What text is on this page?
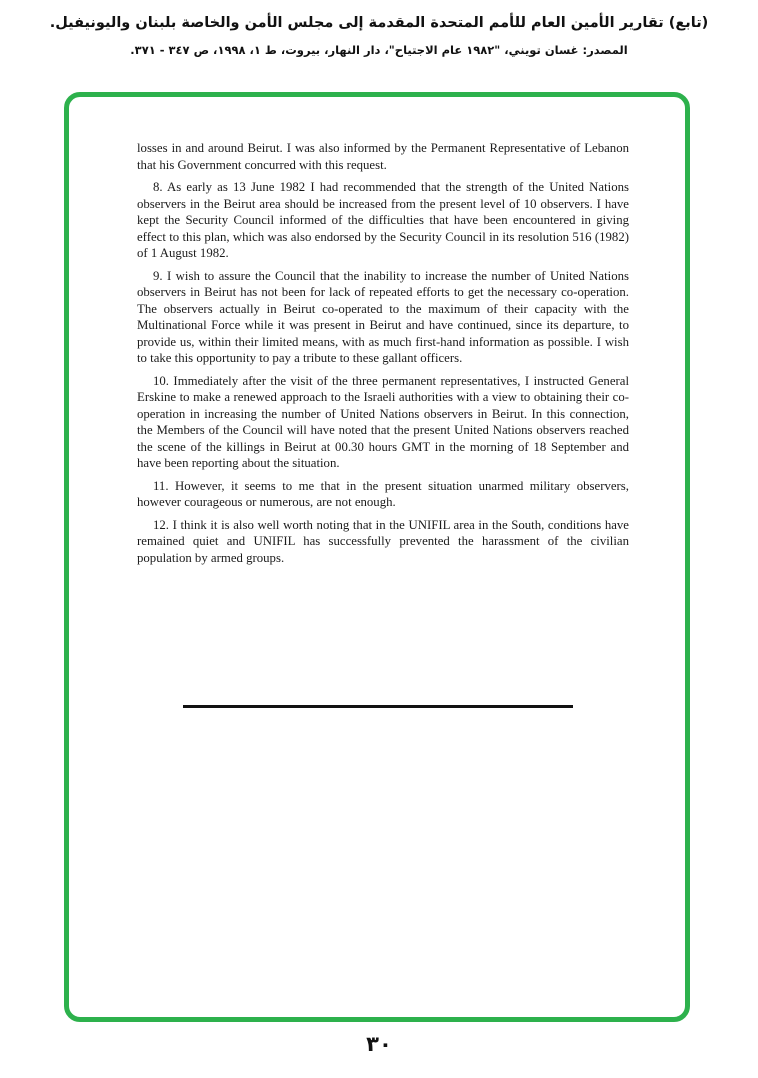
(تابع) تقارير الأمين العام للأمم المتحدة المقدمة إلى مجلس الأمن والخاصة بلبنان واليونيفيل.
المصدر: غسان تويني، "١٩٨٢ عام الاجتياح"، دار النهار، بيروت، ط ١، ١٩٩٨، ص ٣٤٧ - ٣٧١.

losses in and around Beirut. I was also informed by the Permanent Representative of Lebanon that his Government concurred with this request.

8. As early as 13 June 1982 I had recommended that the strength of the United Nations observers in the Beirut area should be increased from the present level of 10 observers. I have kept the Security Council informed of the difficulties that have been encountered in giving effect to this plan, which was also endorsed by the Security Council in its resolution 516 (1982) of 1 August 1982.

9. I wish to assure the Council that the inability to increase the number of United Nations observers in Beirut has not been for lack of repeated efforts to get the necessary co-operation. The observers actually in Beirut co-operated to the maximum of their capacity with the Multinational Force while it was present in Beirut and have continued, since its departure, to provide us, within their limited means, with as much first-hand information as possible. I wish to take this opportunity to pay a tribute to these gallant officers.

10. Immediately after the visit of the three permanent representatives, I instructed General Erskine to make a renewed approach to the Israeli authorities with a view to obtaining their co-operation in increasing the number of United Nations observers in Beirut. In this connection, the Members of the Council will have noted that the present United Nations observers reached the scene of the killings in Beirut at 00.30 hours GMT in the morning of 18 September and have been reporting about the situation.

11. However, it seems to me that in the present situation unarmed military observers, however courageous or numerous, are not enough.

12. I think it is also well worth noting that in the UNIFIL area in the South, conditions have remained quiet and UNIFIL has successfully prevented the harassment of the civilian population by armed groups.

٣٠
